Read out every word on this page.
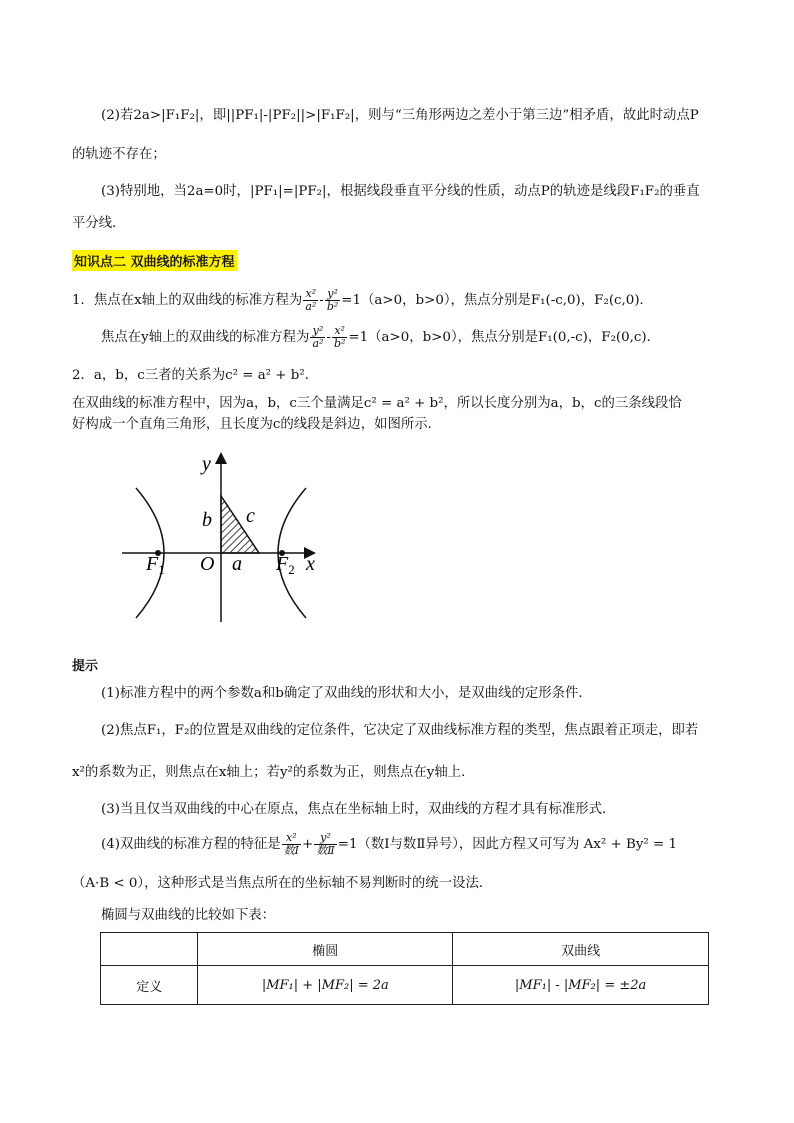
(2)若2a>|F₁F₂|，即||PF₁|-|PF₂||>|F₁F₂|，则与“三角形两边之差小于第三边”相矛盾，故此时动点P
的轨迹不存在；
(3)特别地，当2a=0时，|PF₁|=|PF₂|，根据线段垂直平分线的性质，动点P的轨迹是线段F₁F₂的垂直
平分线．
知识点二 双曲线的标准方程
1．焦点在x轴上的双曲线的标准方程为 $\frac{\text{x²}}{\text{a²}} - \frac{\text{y²}}{\text{b²}} =1(a>0$，b>0），焦点分别是F₁(-c,0)，F₂(c,0)．
焦点在y轴上的双曲线的标准方程为 $\frac{\text{y²}}{\text{a²}} - \frac{\text{x²}}{\text{b²}} =1(a>0$，b>0），焦点分别是F₁(0,-c)，F₂(0,c)．
2．a，b，c三者的关系为c² = a² + b²．
在双曲线的标准方程中，因为a，b，c三个量满足c² = a² + b²，所以长度分别为a，b，c的三条线段恰
好构成一个直角三角形，且长度为c的线段是斜边，如图所示．
y
x
b c
a
O
$F_1$	$F_2$
提示
(1)标准方程中的两个参数a和b确定了双曲线的形状和大小，是双曲线的定形条件．
(2)焦点F₁，F₂的位置是双曲线的定位条件，它决定了双曲线标准方程的类型，焦点跟着正项走，即若
x²的系数为正，则焦点在x轴上；若y²的系数为正，则焦点在y轴上．
(3)当且仅当双曲线的中心在原点，焦点在坐标轴上时，双曲线的方程才具有标准形式．
(4)双曲线的标准方程的特征是 $\frac{\text{x²}}{\text{数Ⅰ}} + \frac{\text{y²}}{\text{数Ⅱ}} =1$（数Ⅰ与数Ⅱ异号），因此方程又可写为 Ax² + By² = 1
（A·B < 0），这种形式是当焦点所在的坐标轴不易判断时的统一设法．
椭圆与双曲线的比较如下表：
	椭圆	双曲线
定义	|MF₁| + |MF₂| = 2a	|MF₁| - |MF₂| = ±2a
